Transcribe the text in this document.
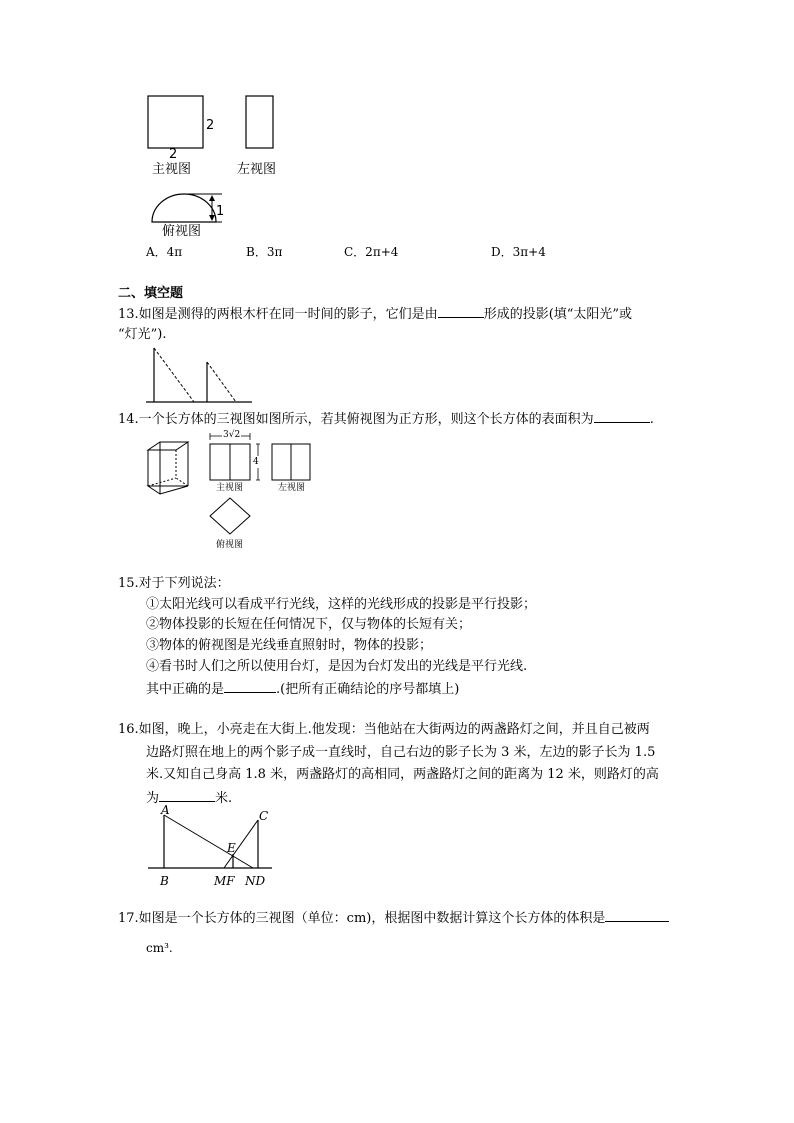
2
2
主视图	左视图
1
俯视图
A．4π	B．3π	C．2π+4	D．3π+4
二、填空题
13.如图是测得的两根木杆在同一时间的影子，它们是由	形成的投影(填“太阳光”或
“灯光”).
14.一个长方体的三视图如图所示，若其俯视图为正方形，则这个长方体的表面积为	.
3√2
4
主视图	左视图
俯视图
15.对于下列说法：
①太阳光线可以看成平行光线，这样的光线形成的投影是平行投影；
②物体投影的长短在任何情况下，仅与物体的长短有关；
③物体的俯视图是光线垂直照射时，物体的投影；
④看书时人们之所以使用台灯，是因为台灯发出的光线是平行光线.
其中正确的是	.(把所有正确结论的序号都填上)
16.如图，晚上，小亮走在大街上.他发现：当他站在大街两边的两盏路灯之间，并且自己被两
边路灯照在地上的两个影子成一直线时，自己右边的影子长为 3 米，左边的影子长为 1.5
米.又知自己身高 1.8 米，两盏路灯的高相同，两盏路灯之间的距离为 12 米，则路灯的高
为	米.
A
B
C
E
MF ND
17.如图是一个长方体的三视图（单位：cm)，根据图中数据计算这个长方体的体积是
cm³.
